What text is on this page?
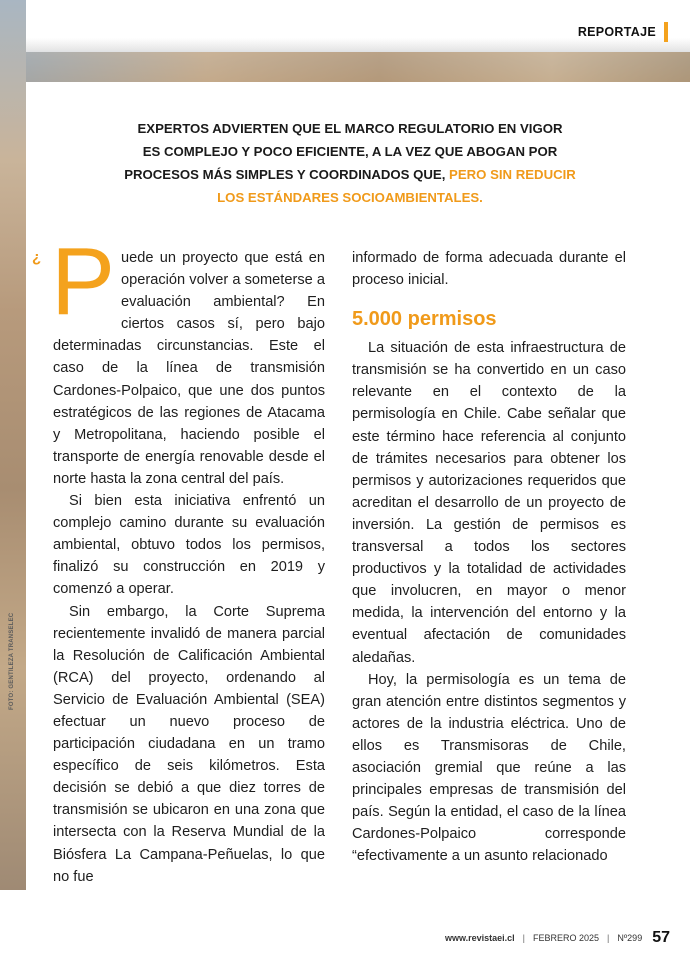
REPORTAJE
EXPERTOS ADVIERTEN QUE EL MARCO REGULATORIO EN VIGOR
ES COMPLEJO Y POCO EFICIENTE, A LA VEZ QUE ABOGAN POR
PROCESOS MÁS SIMPLES Y COORDINADOS QUE, PERO SIN REDUCIR
LOS ESTÁNDARES SOCIOAMBIENTALES.
¿ Puede un proyecto que está en operación volver a someterse a evaluación ambiental? En ciertos casos sí, pero bajo determinadas circunstancias. Este el caso de la línea de transmisión Cardones-Polpaico, que une dos puntos estratégicos de las regiones de Atacama y Metropolitana, haciendo posible el transporte de energía renovable desde el norte hasta la zona central del país.

Si bien esta iniciativa enfrentó un complejo camino durante su evaluación ambiental, obtuvo todos los permisos, finalizó su construcción en 2019 y comenzó a operar.

Sin embargo, la Corte Suprema recientemente invalidó de manera parcial la Resolución de Calificación Ambiental (RCA) del proyecto, ordenando al Servicio de Evaluación Ambiental (SEA) efectuar un nuevo proceso de participación ciudadana en un tramo específico de seis kilómetros. Esta decisión se debió a que diez torres de transmisión se ubicaron en una zona que intersecta con la Reserva Mundial de la Biósfera La Campana-Peñuelas, lo que no fue

informado de forma adecuada durante el proceso inicial.

5.000 permisos

La situación de esta infraestructura de transmisión se ha convertido en un caso relevante en el contexto de la permisología en Chile. Cabe señalar que este término hace referencia al conjunto de trámites necesarios para obtener los permisos y autorizaciones requeridos que acreditan el desarrollo de un proyecto de inversión. La gestión de permisos es transversal a todos los sectores productivos y la totalidad de actividades que involucren, en mayor o menor medida, la intervención del entorno y la eventual afectación de comunidades aledañas.

Hoy, la permisología es un tema de gran atención entre distintos segmentos y actores de la industria eléctrica. Uno de ellos es Transmisoras de Chile, asociación gremial que reúne a las principales empresas de transmisión del país. Según la entidad, el caso de la línea Cardones-Polpaico corresponde “efectivamente a un asunto relacionado

www.revistaei.cl | FEBRERO 2025 | Nº299 57
